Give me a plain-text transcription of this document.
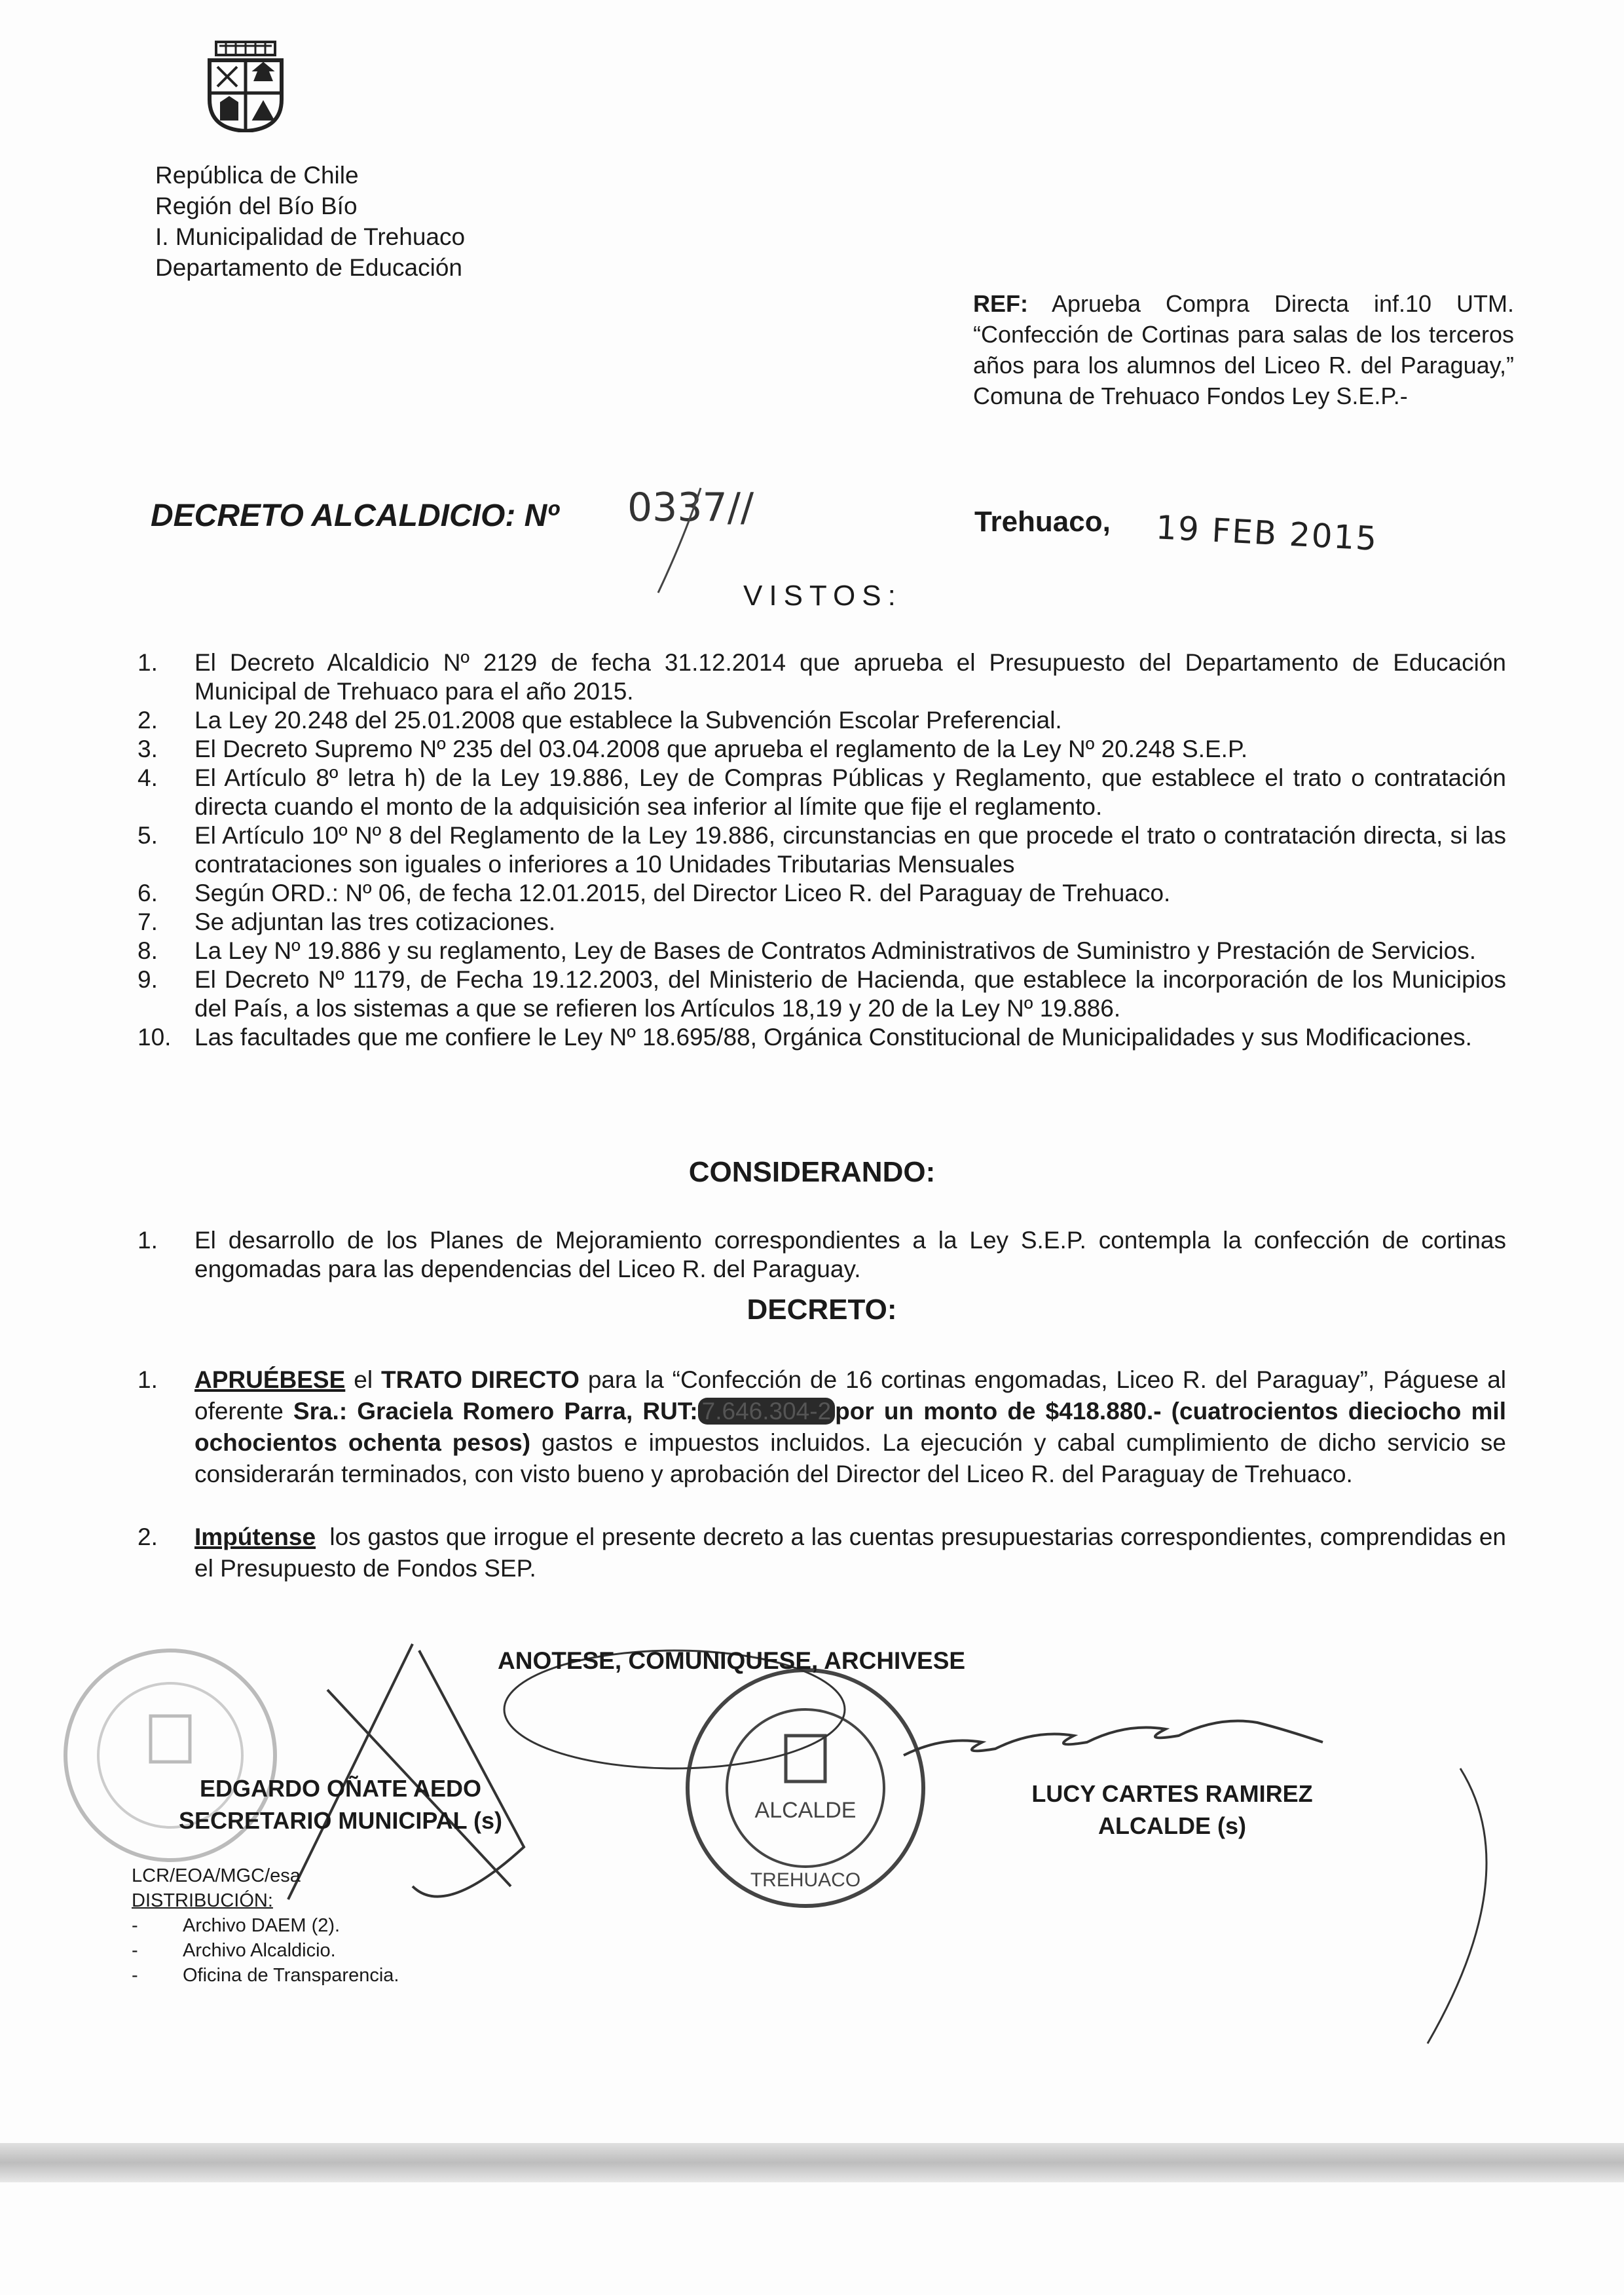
República de Chile
Región del Bío Bío
I. Municipalidad de Trehuaco
Departamento de Educación
REF: Aprueba Compra Directa inf.10 UTM. “Confección de Cortinas para salas de los terceros años para los alumnos del Liceo R. del Paraguay,” Comuna de Trehuaco Fondos Ley S.E.P.-
DECRETO ALCALDICIO: Nº 0337//	Trehuaco, 19 FEB 2015
VISTOS:
1.	El Decreto Alcaldicio Nº 2129 de fecha 31.12.2014 que aprueba el Presupuesto del Departamento de Educación Municipal de Trehuaco para el año 2015.
2.	La Ley 20.248 del 25.01.2008 que establece la Subvención Escolar Preferencial.
3.	El Decreto Supremo Nº 235 del 03.04.2008 que aprueba el reglamento de la Ley Nº 20.248 S.E.P.
4.	El Artículo 8º letra h) de la Ley 19.886, Ley de Compras Públicas y Reglamento, que establece el trato o contratación directa cuando el monto de la adquisición sea inferior al límite que fije el reglamento.
5.	El Artículo 10º Nº 8 del Reglamento de la Ley 19.886, circunstancias en que procede el trato o contratación directa, si las contrataciones son iguales o inferiores a 10 Unidades Tributarias Mensuales
6.	Según ORD.: Nº 06, de fecha 12.01.2015, del Director Liceo R. del Paraguay de Trehuaco.
7.	Se adjuntan las tres cotizaciones.
8.	La Ley Nº 19.886 y su reglamento, Ley de Bases de Contratos Administrativos de Suministro y Prestación de Servicios.
9.	El Decreto Nº 1179, de Fecha 19.12.2003, del Ministerio de Hacienda, que establece la incorporación de los Municipios del País, a los sistemas a que se refieren los Artículos 18,19 y 20 de la Ley Nº 19.886.
10. Las facultades que me confiere le Ley Nº 18.695/88, Orgánica Constitucional de Municipalidades y sus Modificaciones.
CONSIDERANDO:
1.	El desarrollo de los Planes de Mejoramiento correspondientes a la Ley S.E.P. contempla la confección de cortinas engomadas para las dependencias del Liceo R. del Paraguay.
DECRETO:
1.	APRUÉBESE el TRATO DIRECTO para la “Confección de 16 cortinas engomadas, Liceo R. del Paraguay”, Páguese al oferente Sra.: Graciela Romero Parra, RUT: 7.646.304-2 por un monto de $418.880.- (cuatrocientos dieciocho mil ochocientos ochenta pesos) gastos e impuestos incluidos. La ejecución y cabal cumplimiento de dicho servicio se considerarán terminados, con visto bueno y aprobación del Director del Liceo R. del Paraguay de Trehuaco.
2.	Impútense  los gastos que irrogue el presente decreto a las cuentas presupuestarias correspondientes, comprendidas en el Presupuesto de Fondos SEP.
ALCALDE
TREHUACO
ANOTESE, COMUNIQUESE, ARCHIVESE
EDGARDO OÑATE AEDO
SECRETARIO MUNICIPAL (s)
LUCY CARTES RAMIREZ
ALCALDE (s)
LCR/EOA/MGC/esa
DISTRIBUCIÓN:
-	Archivo DAEM (2).
-	Archivo Alcaldicio.
-	Oficina de Transparencia.
